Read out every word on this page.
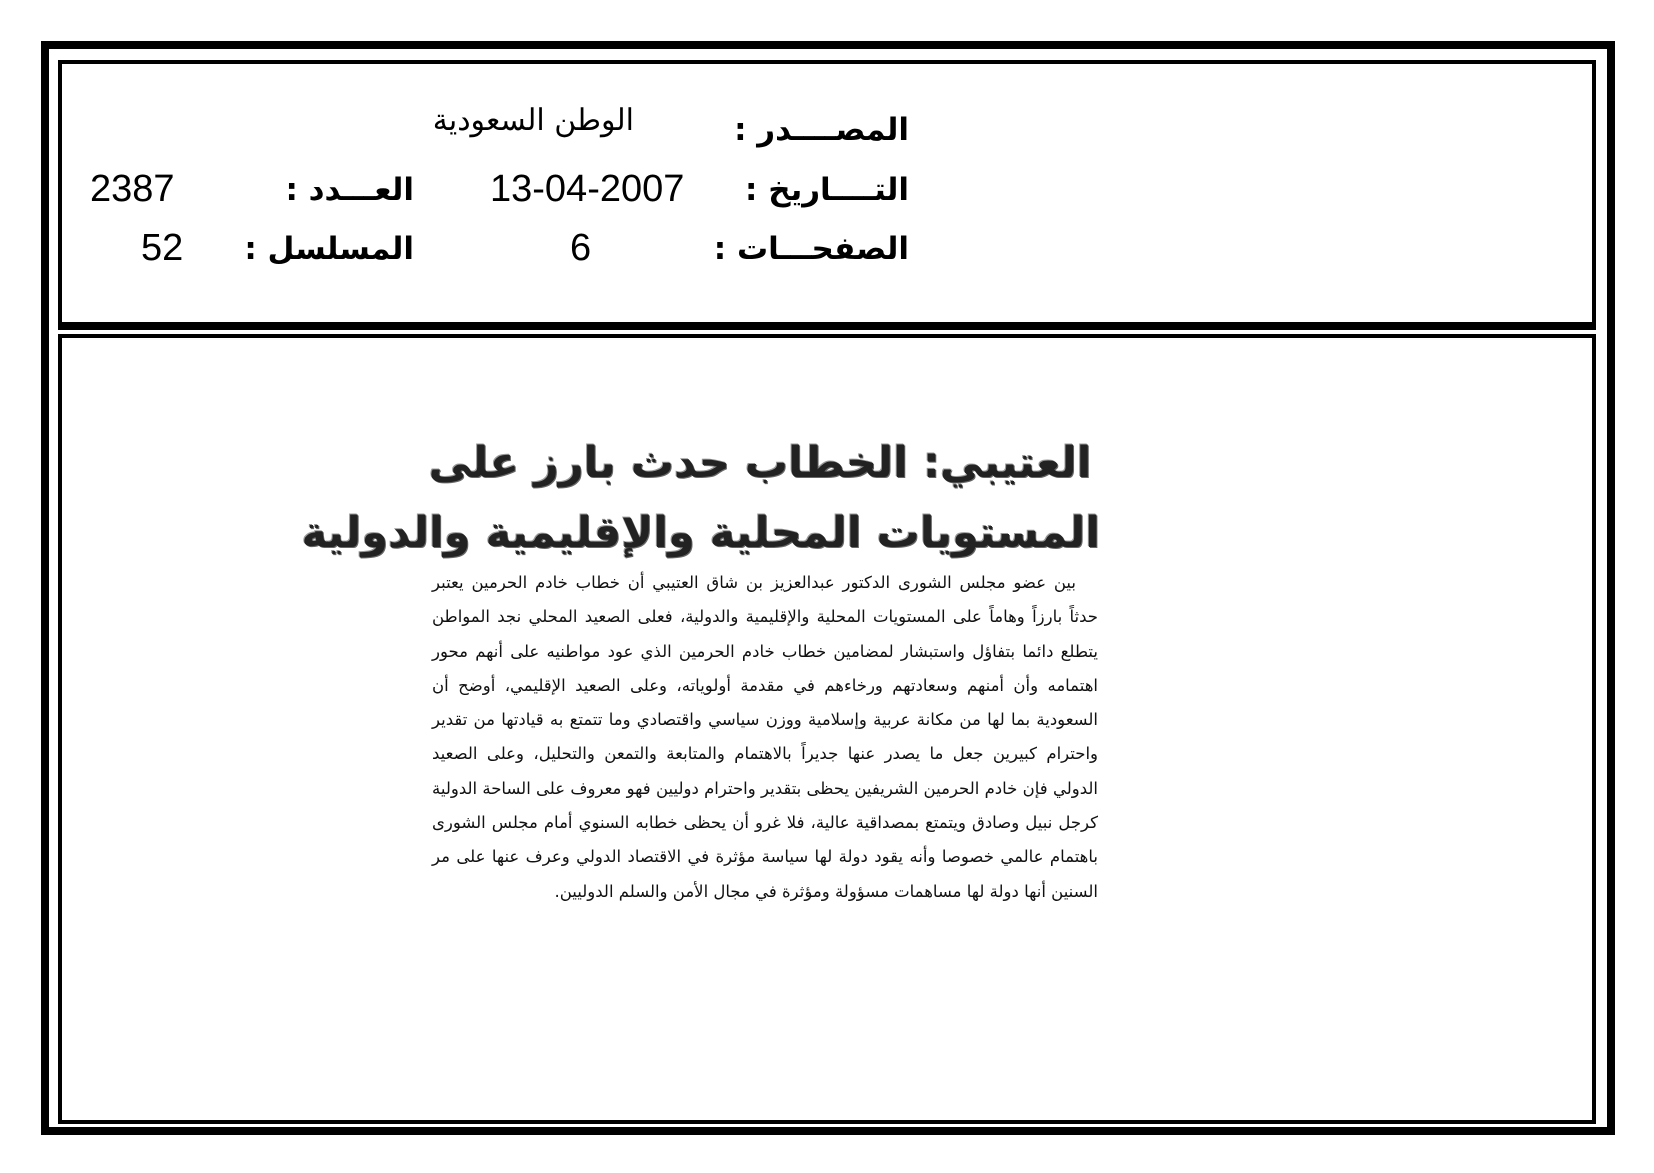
المصــــدر :
الوطن السعودية
التــــاريخ :
13-04-2007
العـــدد :
2387
الصفحـــات :
6
المسلسل :
52
العتيبي: الخطاب حدث بارز على
المستويات المحلية والإقليمية والدولية

بين عضو مجلس الشورى الدكتور عبدالعزيز بن شاق العتيبي أن خطاب خادم الحرمين يعتبر حدثاً بارزاً وهاماً على المستويات المحلية والإقليمية والدولية، فعلى الصعيد المحلي نجد المواطن يتطلع دائما بتفاؤل واستبشار لمضامين خطاب خادم الحرمين الذي عود مواطنيه على أنهم محور اهتمامه وأن أمنهم وسعادتهم ورخاءهم في مقدمة أولوياته، وعلى الصعيد الإقليمي، أوضح أن السعودية بما لها من مكانة عربية وإسلامية ووزن سياسي واقتصادي وما تتمتع به قيادتها من تقدير واحترام كبيرين جعل ما يصدر عنها جديراً بالاهتمام والمتابعة والتمعن والتحليل، وعلى الصعيد الدولي فإن خادم الحرمين الشريفين يحظى بتقدير واحترام دوليين فهو معروف على الساحة الدولية كرجل نبيل وصادق ويتمتع بمصداقية عالية، فلا غرو أن يحظى خطابه السنوي أمام مجلس الشورى باهتمام عالمي خصوصا وأنه يقود دولة لها سياسة مؤثرة في الاقتصاد الدولي وعرف عنها على مر السنين أنها دولة لها مساهمات مسؤولة ومؤثرة في مجال الأمن والسلم الدوليين.
